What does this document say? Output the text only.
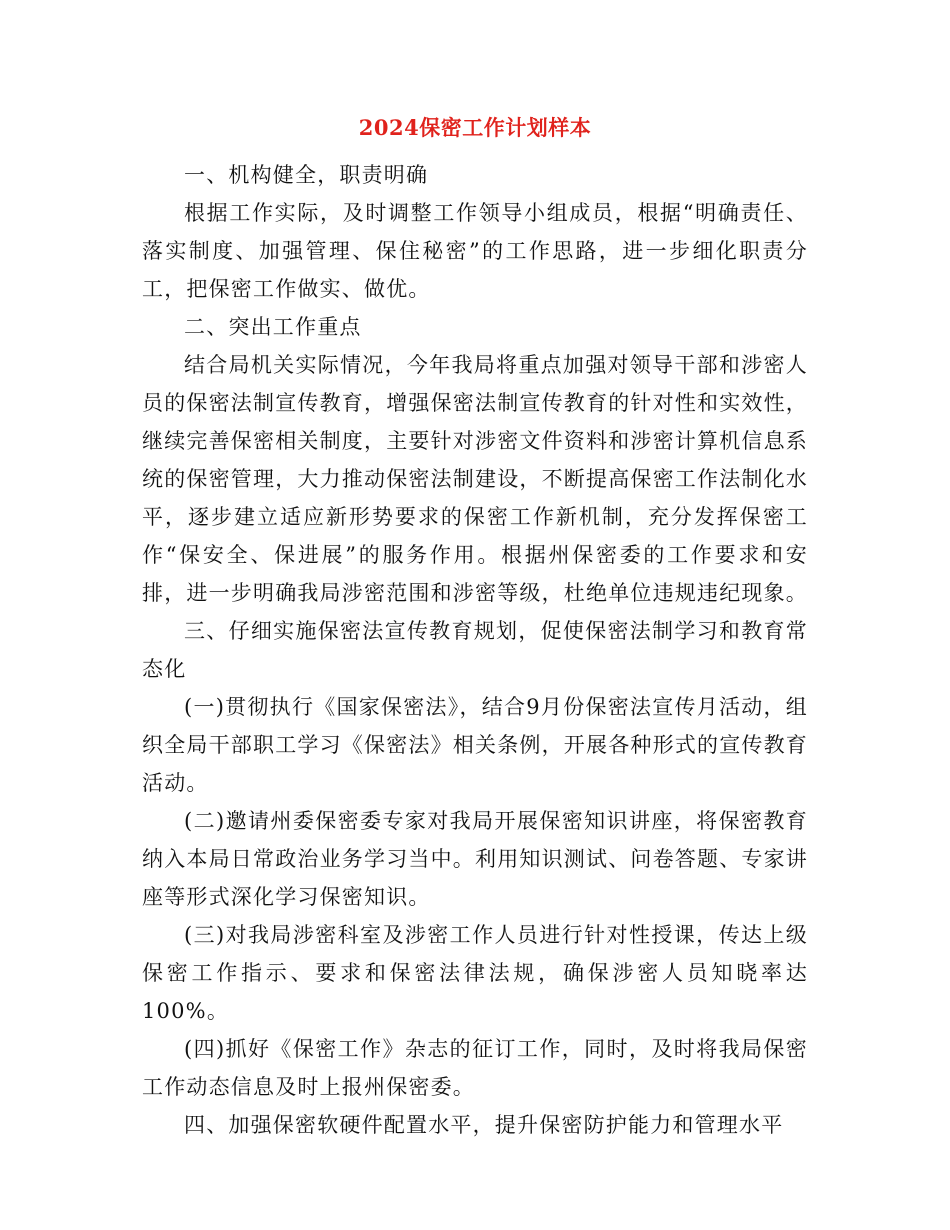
2024保密工作计划样本

一、机构健全，职责明确

根据工作实际，及时调整工作领导小组成员，根据“明确责任、落实制度、加强管理、保住秘密”的工作思路，进一步细化职责分工，把保密工作做实、做优。

二、突出工作重点

结合局机关实际情况，今年我局将重点加强对领导干部和涉密人员的保密法制宣传教育，增强保密法制宣传教育的针对性和实效性，继续完善保密相关制度，主要针对涉密文件资料和涉密计算机信息系统的保密管理，大力推动保密法制建设，不断提高保密工作法制化水平，逐步建立适应新形势要求的保密工作新机制，充分发挥保密工作“保安全、保进展”的服务作用。根据州保密委的工作要求和安排，进一步明确我局涉密范围和涉密等级，杜绝单位违规违纪现象。

三、仔细实施保密法宣传教育规划，促使保密法制学习和教育常态化

(一)贯彻执行《国家保密法》，结合9月份保密法宣传月活动，组织全局干部职工学习《保密法》相关条例，开展各种形式的宣传教育活动。

(二)邀请州委保密委专家对我局开展保密知识讲座，将保密教育纳入本局日常政治业务学习当中。利用知识测试、问卷答题、专家讲座等形式深化学习保密知识。

(三)对我局涉密科室及涉密工作人员进行针对性授课，传达上级保密工作指示、要求和保密法律法规，确保涉密人员知晓率达100%。

(四)抓好《保密工作》杂志的征订工作，同时，及时将我局保密工作动态信息及时上报州保密委。

四、加强保密软硬件配置水平，提升保密防护能力和管理水平
